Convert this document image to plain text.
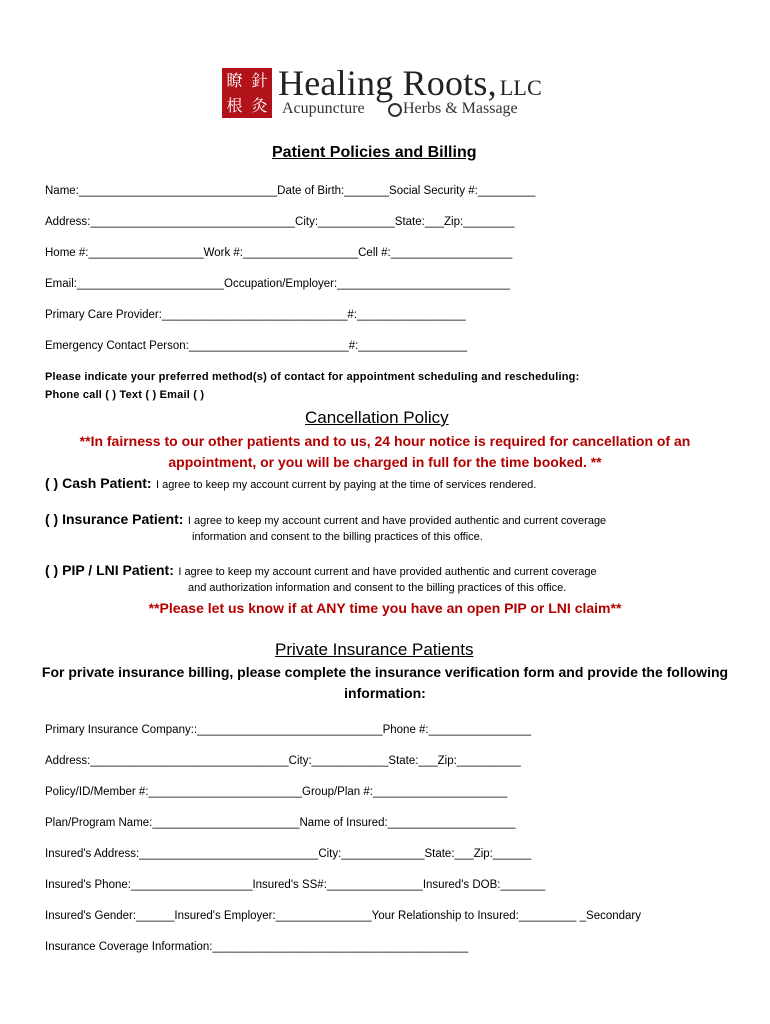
瞭 針
根 灸
Healing Roots, LLC
Acupuncture Herbs & Massage
Patient Policies and Billing
Name:_______________________________Date of Birth:_______Social Security #:_________
Address:________________________________City:____________State:___Zip:________
Home #:__________________Work #:__________________Cell #:___________________
Email:_______________________Occupation/Employer:___________________________
Primary Care Provider:_____________________________#:_________________
Emergency Contact Person:_________________________#:_________________
Please indicate your preferred method(s) of contact for appointment scheduling and rescheduling:
Phone call ( ) Text ( ) Email ( )
Cancellation Policy
**In fairness to our other patients and to us, 24 hour notice is required for cancellation of an appointment, or you will be charged in full for the time booked. **
( ) Cash Patient: I agree to keep my account current by paying at the time of services rendered.
( ) Insurance Patient: I agree to keep my account current and have provided authentic and current coverage
information and consent to the billing practices of this office.
( ) PIP / LNI Patient: I agree to keep my account current and have provided authentic and current coverage
and authorization information and consent to the billing practices of this office.
**Please let us know if at ANY time you have an open PIP or LNI claim**
Private Insurance Patients
For private insurance billing, please complete the insurance verification form and provide the following information:
Primary Insurance Company::_____________________________Phone #:________________
Address:_______________________________City:____________State:___Zip:__________
Policy/ID/Member #:________________________Group/Plan #:_____________________
Plan/Program Name:_______________________Name of Insured:____________________
Insured's Address:____________________________City:_____________State:___Zip:______
Insured's Phone:___________________Insured's SS#:_______________Insured's DOB:_______
Insured's Gender:______Insured's Employer:_______________Your Relationship to Insured:_________ _Secondary
Insurance Coverage Information:________________________________________
